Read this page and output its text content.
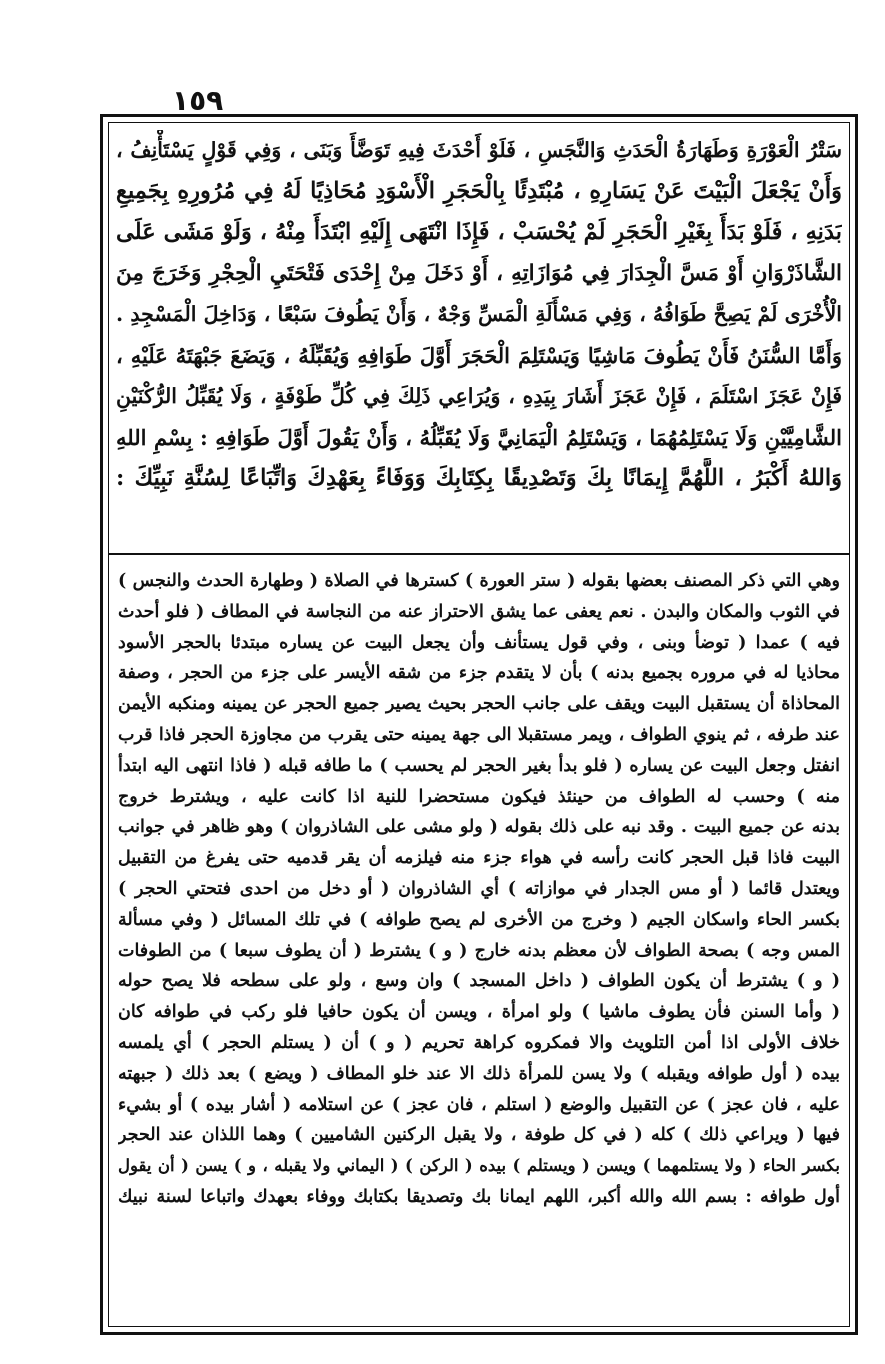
١٥٩
سَتْرُ الْعَوْرَةِ وَطَهَارَةُ الْحَدَثِ وَالنَّجَسِ ، فَلَوْ أَحْدَثَ فِيهِ تَوَضَّأَ وَبَنَى ، وَفِي قَوْلٍ يَسْتَأْنِفُ ،
وَأَنْ يَجْعَلَ الْبَيْتَ عَنْ يَسَارِهِ ، مُبْتَدِئًا بِالْحَجَرِ الْأَسْوَدِ مُحَاذِيًا لَهُ فِي مُرُورِهِ بِجَمِيعِ
بَدَنِهِ ، فَلَوْ بَدَأَ بِغَيْرِ الْحَجَرِ لَمْ يُحْسَبْ ، فَإِذَا انْتَهَى إِلَيْهِ ابْتَدَأَ مِنْهُ ، وَلَوْ مَشَى عَلَى
الشَّاذَرْوَانِ أَوْ مَسَّ الْجِدَارَ فِي مُوَازَاتِهِ ، أَوْ دَخَلَ مِنْ إِحْدَى فَتْحَتَيِ الْحِجْرِ وَخَرَجَ مِنَ
الْأُخْرَى لَمْ يَصِحَّ طَوَافُهُ ، وَفِي مَسْأَلَةِ الْمَسِّ وَجْهٌ ، وَأَنْ يَطُوفَ سَبْعًا ، وَدَاخِلَ الْمَسْجِدِ .
وَأَمَّا السُّنَنُ فَأَنْ يَطُوفَ مَاشِيًا وَيَسْتَلِمَ الْحَجَرَ أَوَّلَ طَوَافِهِ وَيُقَبِّلَهُ ، وَيَضَعَ جَبْهَتَهُ عَلَيْهِ ،
فَإِنْ عَجَزَ اسْتَلَمَ ، فَإِنْ عَجَزَ أَشَارَ بِيَدِهِ ، وَيُرَاعِي ذَلِكَ فِي كُلِّ طَوْفَةٍ ، وَلَا يُقَبِّلُ الرُّكْنَيْنِ
الشَّامِيَّيْنِ وَلَا يَسْتَلِمُهُمَا ، وَيَسْتَلِمُ الْيَمَانِيَّ وَلَا يُقَبِّلُهُ ، وَأَنْ يَقُولَ أَوَّلَ طَوَافِهِ : بِسْمِ اللهِ
وَاللهُ أَكْبَرُ ، اللَّهُمَّ إِيمَانًا بِكَ وَتَصْدِيقًا بِكِتَابِكَ وَوَفَاءً بِعَهْدِكَ وَاتِّبَاعًا لِسُنَّةِ نَبِيِّكَ :
وهي التي ذكر المصنف بعضها بقوله ( ستر العورة ) كسترها في الصلاة ( وطهارة الحدث والنجس )
في الثوب والمكان والبدن . نعم يعفى عما يشق الاحتراز عنه من النجاسة في المطاف ( فلو أحدث
فيه ) عمدا ( توضأ وبنى ، وفي قول يستأنف وأن يجعل البيت عن يساره مبتدئا بالحجر الأسود
محاذيا له في مروره بجميع بدنه ) بأن لا يتقدم جزء من شقه الأيسر على جزء من الحجر ، وصفة
المحاذاة أن يستقبل البيت ويقف على جانب الحجر بحيث يصير جميع الحجر عن يمينه ومنكبه الأيمن
عند طرفه ، ثم ينوي الطواف ، ويمر مستقبلا الى جهة يمينه حتى يقرب من مجاوزة الحجر فاذا قرب
انفتل وجعل البيت عن يساره ( فلو بدأ بغير الحجر لم يحسب ) ما طافه قبله ( فاذا انتهى اليه ابتدأ
منه ) وحسب له الطواف من حينئذ فيكون مستحضرا للنية اذا كانت عليه ، ويشترط خروج
بدنه عن جميع البيت . وقد نبه على ذلك بقوله ( ولو مشى على الشاذروان ) وهو ظاهر في جوانب
البيت فاذا قبل الحجر كانت رأسه في هواء جزء منه فيلزمه أن يقر قدميه حتى يفرغ من التقبيل
ويعتدل قائما ( أو مس الجدار في موازاته ) أي الشاذروان ( أو دخل من احدى فتحتي الحجر )
بكسر الحاء واسكان الجيم ( وخرج من الأخرى لم يصح طوافه ) في تلك المسائل ( وفي مسألة
المس وجه ) بصحة الطواف لأن معظم بدنه خارج ( و ) يشترط ( أن يطوف سبعا ) من الطوفات
( و ) يشترط أن يكون الطواف ( داخل المسجد ) وان وسع ، ولو على سطحه فلا يصح حوله
( وأما السنن فأن يطوف ماشيا ) ولو امرأة ، ويسن أن يكون حافيا فلو ركب في طوافه كان
خلاف الأولى اذا أمن التلويث والا فمكروه كراهة تحريم ( و ) أن ( يستلم الحجر ) أي يلمسه
بيده ( أول طوافه ويقبله ) ولا يسن للمرأة ذلك الا عند خلو المطاف ( ويضع ) بعد ذلك ( جبهته
عليه ، فان عجز ) عن التقبيل والوضع ( استلم ، فان عجز ) عن استلامه ( أشار بيده ) أو بشيء
فيها ( ويراعي ذلك ) كله ( في كل طوفة ، ولا يقبل الركنين الشاميين ) وهما اللذان عند الحجر
بكسر الحاء ( ولا يستلمهما ) ويسن ( ويستلم ) بيده ( الركن ) ( اليماني ولا يقبله ، و ) يسن ( أن يقول
أول طوافه : بسم الله والله أكبر، اللهم ايمانا بك وتصديقا بكتابك ووفاء بعهدك واتباعا لسنة نبيك
